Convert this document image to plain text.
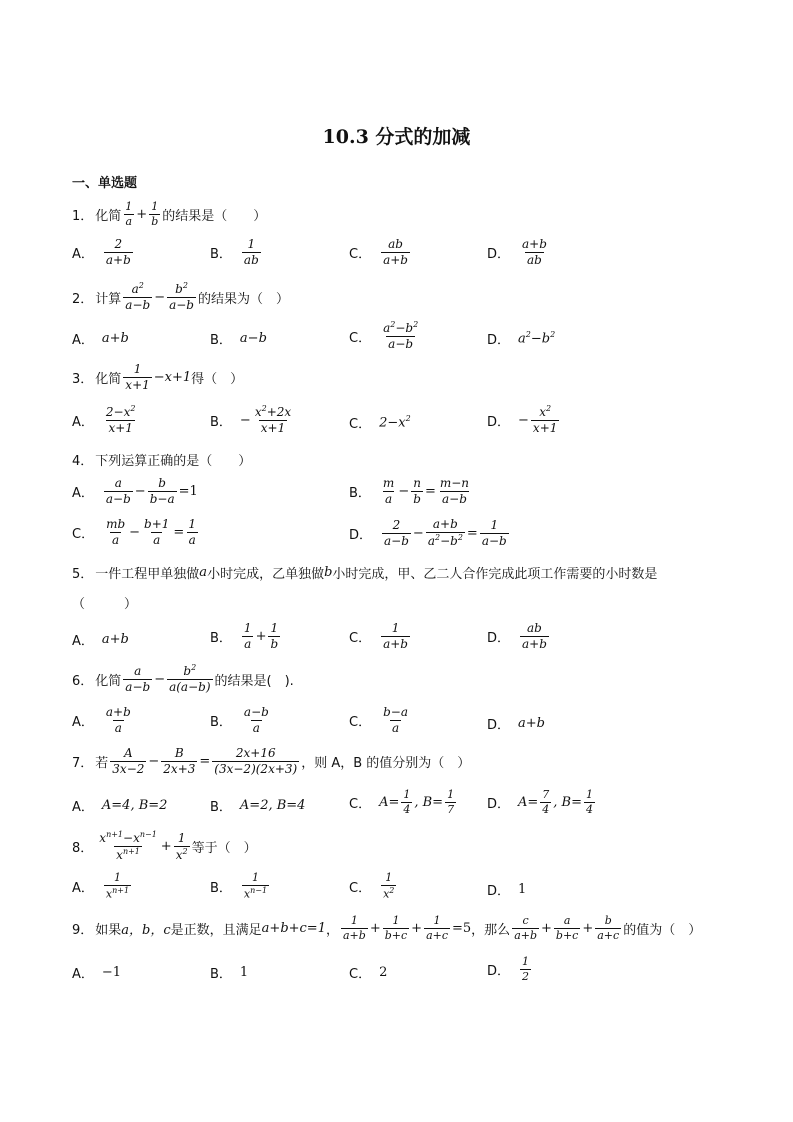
10.3 分式的加减
一、单选题
1． 化简 $\frac{1}{a} + \frac{1}{b}$ 的结果是（　　）
A． $\frac{2}{a+b}$	B． $\frac{1}{ab}$	C． $\frac{ab}{a+b}$	D． $\frac{a+b}{ab}$
2． 计算 $\frac{a^2}{a-b} - \frac{b^2}{a-b}$ 的结果为（　）
A． a+b	B． a−b	C． $\frac{a^2-b^2}{a-b}$	D． $a^2-b^2$
3． 化简 $\frac{1}{x+1} -x+1$ 得（　）
A． $\frac{2-x^2}{x+1}$	B． − $\frac{x^2+2x}{x+1}$	C． $2-x^2$	D． − $\frac{x^2}{x+1}$
4． 下列运算正确的是（　　）
A． $\frac{a}{a-b} - \frac{b}{b-a} =1$	B． $\frac{m}{a} - \frac{n}{b} = \frac{m-n}{a-b}$
C． $\frac{mb}{a} - \frac{b+1}{a} = \frac{1}{a}$	D． $\frac{2}{a-b} - \frac{a+b}{a^2-b^2} = \frac{1}{a-b}$
5． 一件工程甲单独做 a 小时完成，乙单独做 b 小时完成，甲、乙二人合作完成此项工作需要的小时数是
（　　　）
A． a+b	B． $\frac{1}{a} + \frac{1}{b}$	C． $\frac{1}{a+b}$	D． $\frac{ab}{a+b}$
6． 化简 $\frac{a}{a-b} - \frac{b^2}{a(a-b)}$ 的结果是(　).
A． $\frac{a+b}{a}$	B． $\frac{a-b}{a}$	C． $\frac{b-a}{a}$	D． a+b
7． 若 $\frac{A}{3x-2} - \frac{B}{2x+3} = \frac{2x+16}{(3x-2)(2x+3)}$ ，则 A，B 的值分别为（　）
A． A=4, B=2	B． A=2, B=4	C． $A= \frac{1}{4}$ , $B= \frac{1}{7}$ D． $A= \frac{7}{4}$ , $B= \frac{1}{4}$
8． $\frac{x^{n+1}-x^{n-1}}{x^{n+1}} + \frac{1}{x^2}$ 等于（　）
A． $\frac{1}{x^{n+1}}$	B． $\frac{1}{x^{n-1}}$	C． $\frac{1}{x^2}$	D． 1
9． 如果 a，b，c 是正数，且满足 a+b+c=1 ， $\frac{1}{a+b} + \frac{1}{b+c} + \frac{1}{a+c} =5$ ，那么 $\frac{c}{a+b} + \frac{a}{b+c} + \frac{b}{a+c}$ 的值为（　）
A． −1	B． 1	C． 2	D． $\frac{1}{2}$
